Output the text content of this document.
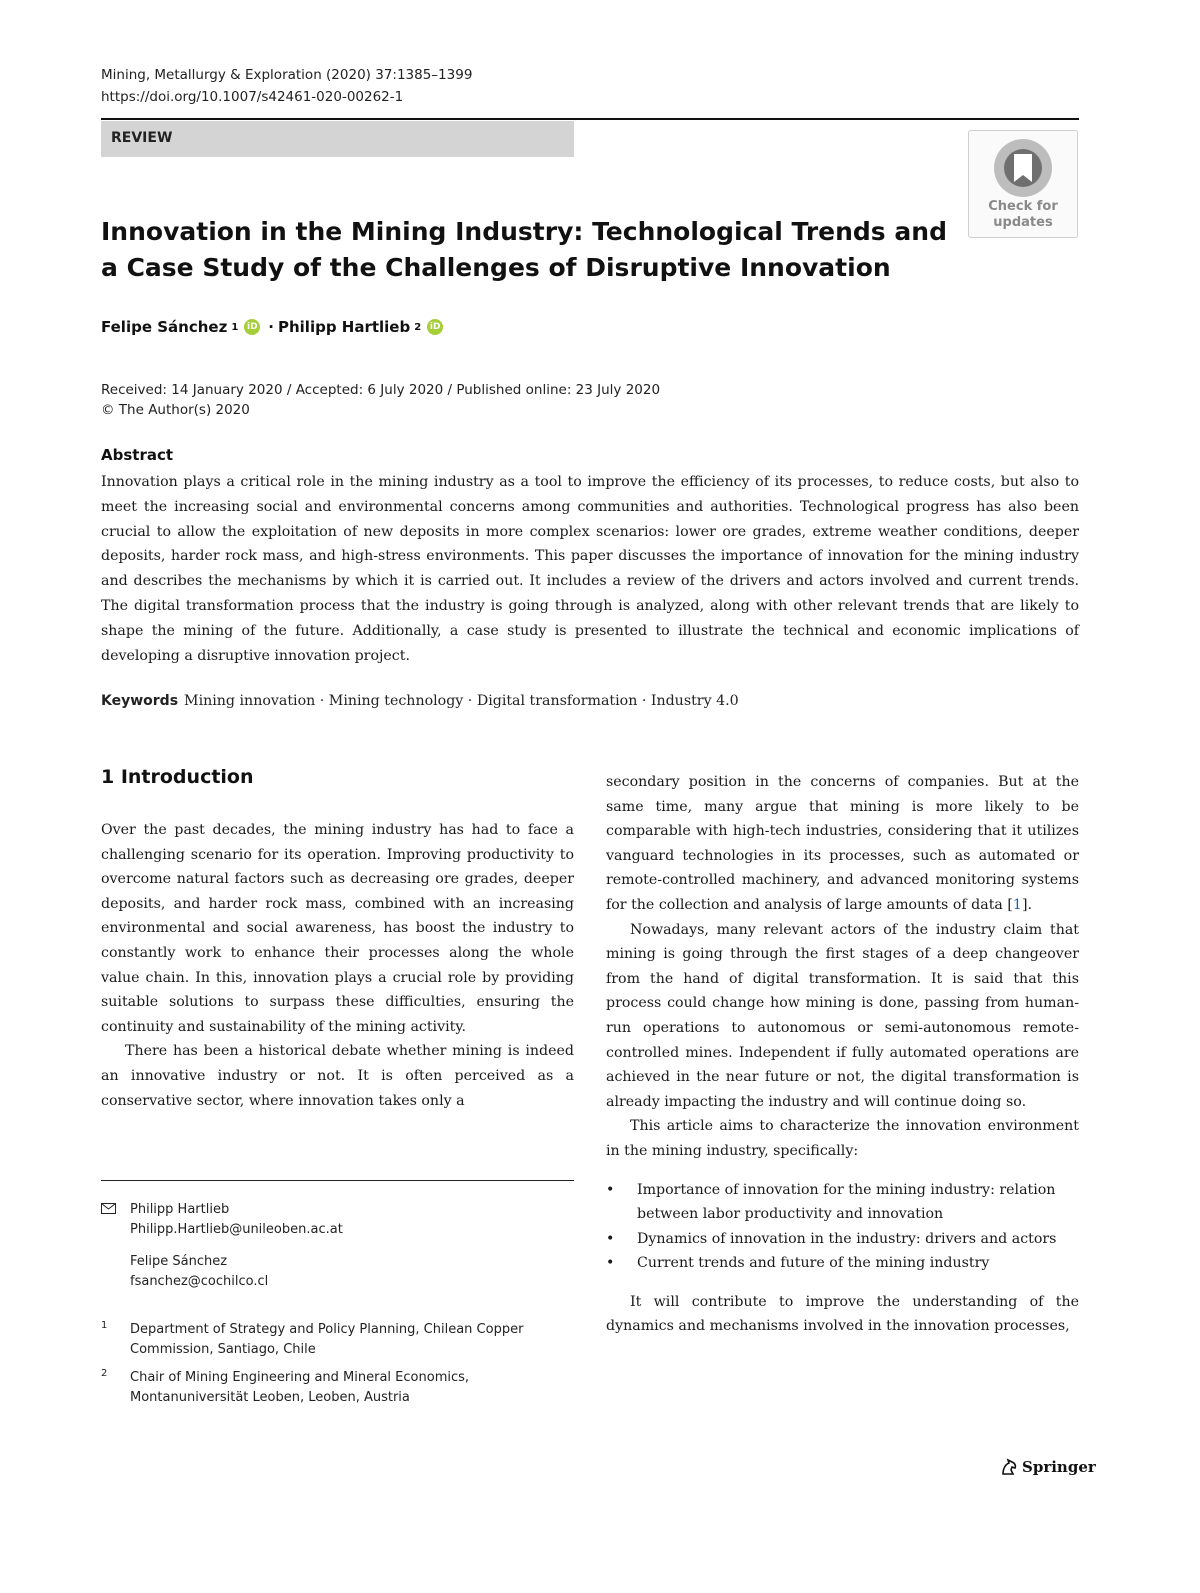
Mining, Metallurgy & Exploration (2020) 37:1385–1399
https://doi.org/10.1007/s42461-020-00262-1
REVIEW
Check for
updates
Innovation in the Mining Industry: Technological Trends and a Case Study of the Challenges of Disruptive Innovation
Felipe Sánchez 1 iD · Philipp Hartlieb 2 iD
Received: 14 January 2020 / Accepted: 6 July 2020 / Published online: 23 July 2020
© The Author(s) 2020
Abstract
Innovation plays a critical role in the mining industry as a tool to improve the efficiency of its processes, to reduce costs, but also to meet the increasing social and environmental concerns among communities and authorities. Technological progress has also been crucial to allow the exploitation of new deposits in more complex scenarios: lower ore grades, extreme weather conditions, deeper deposits, harder rock mass, and high-stress environments. This paper discusses the importance of innovation for the mining industry and describes the mechanisms by which it is carried out. It includes a review of the drivers and actors involved and current trends. The digital transformation process that the industry is going through is analyzed, along with other relevant trends that are likely to shape the mining of the future. Additionally, a case study is presented to illustrate the technical and economic implications of developing a disruptive innovation project.
Keywords Mining innovation · Mining technology · Digital transformation · Industry 4.0
1 Introduction

Over the past decades, the mining industry has had to face a challenging scenario for its operation. Improving productivity to overcome natural factors such as decreasing ore grades, deeper deposits, and harder rock mass, combined with an increasing environmental and social awareness, has boost the industry to constantly work to enhance their processes along the whole value chain. In this, innovation plays a crucial role by providing suitable solutions to surpass these difficulties, ensuring the continuity and sustainability of the mining activity.

There has been a historical debate whether mining is indeed an innovative industry or not. It is often perceived as a conservative sector, where innovation takes only a

Philipp Hartlieb
Philipp.Hartlieb@unileoben.ac.at
Felipe Sánchez
fsanchez@cochilco.cl
1 Department of Strategy and Policy Planning, Chilean Copper
Commission, Santiago, Chile
2 Chair of Mining Engineering and Mineral Economics,
Montanuniversität Leoben, Leoben, Austria

secondary position in the concerns of companies. But at the same time, many argue that mining is more likely to be comparable with high-tech industries, considering that it utilizes vanguard technologies in its processes, such as automated or remote-controlled machinery, and advanced monitoring systems for the collection and analysis of large amounts of data [1].

Nowadays, many relevant actors of the industry claim that mining is going through the first stages of a deep changeover from the hand of digital transformation. It is said that this process could change how mining is done, passing from human-run operations to autonomous or semi-autonomous remote-controlled mines. Independent if fully automated operations are achieved in the near future or not, the digital transformation is already impacting the industry and will continue doing so.

This article aims to characterize the innovation environment in the mining industry, specifically:

• Importance of innovation for the mining industry: relation between labor productivity and innovation
• Dynamics of innovation in the industry: drivers and actors
• Current trends and future of the mining industry

It will contribute to improve the understanding of the dynamics and mechanisms involved in the innovation processes,

Springer
